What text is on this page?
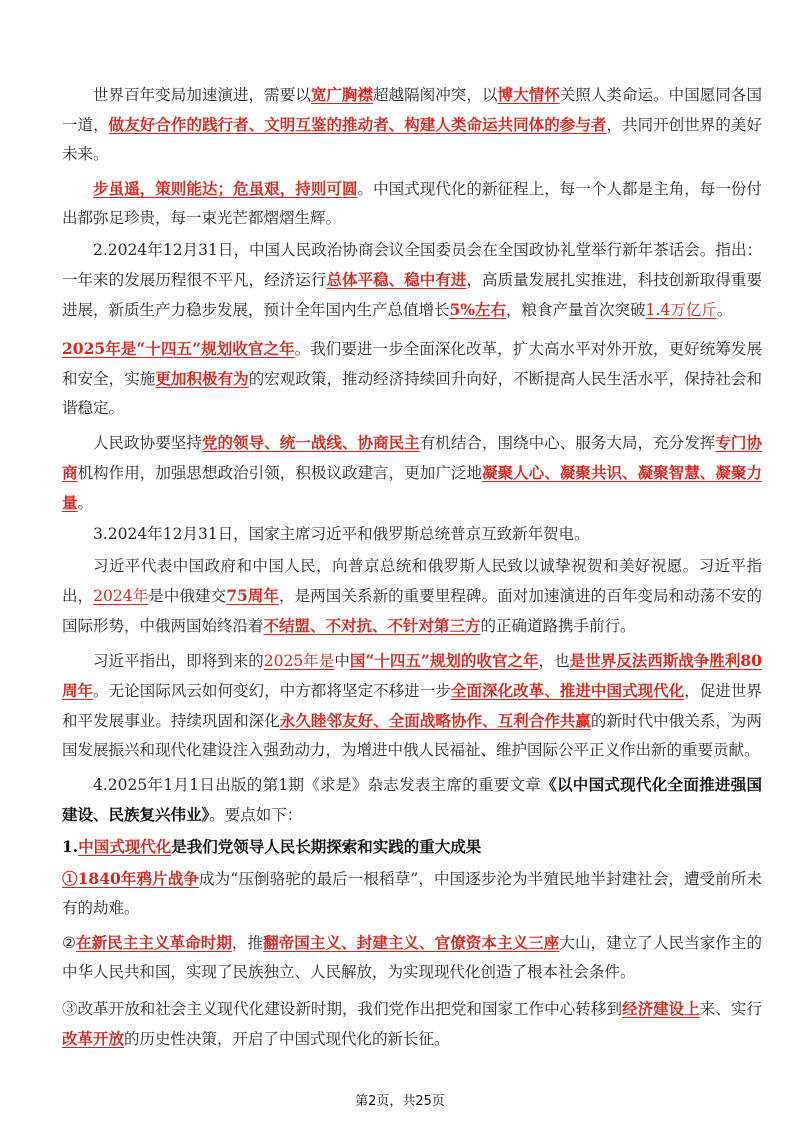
世界百年变局加速演进，需要以宽广胸襟超越隔阂冲突，以博大情怀关照人类命运。中国愿同各国一道，做友好合作的践行者、文明互鉴的推动者、构建人类命运共同体的参与者，共同开创世界的美好未来。

步虽遥，策则能达；危虽艰，持则可圆。中国式现代化的新征程上，每一个人都是主角，每一份付出都弥足珍贵，每一束光芒都熠熠生辉。

2.2024年12月31日，中国人民政治协商会议全国委员会在全国政协礼堂举行新年茶话会。指出：一年来的发展历程很不平凡，经济运行总体平稳、稳中有进，高质量发展扎实推进，科技创新取得重要进展，新质生产力稳步发展，预计全年国内生产总值增长5%左右，粮食产量首次突破1.4万亿斤。

2025年是“十四五”规划收官之年。我们要进一步全面深化改革，扩大高水平对外开放，更好统筹发展和安全，实施更加积极有为的宏观政策，推动经济持续回升向好，不断提高人民生活水平，保持社会和谐稳定。

人民政协要坚持党的领导、统一战线、协商民主有机结合，围绕中心、服务大局，充分发挥专门协商机构作用，加强思想政治引领，积极议政建言，更加广泛地凝聚人心、凝聚共识、凝聚智慧、凝聚力量。

3.2024年12月31日，国家主席习近平和俄罗斯总统普京互致新年贺电。

习近平代表中国政府和中国人民，向普京总统和俄罗斯人民致以诚挚祝贺和美好祝愿。习近平指出，2024年是中俄建交75周年，是两国关系新的重要里程碑。面对加速演进的百年变局和动荡不安的国际形势，中俄两国始终沿着不结盟、不对抗、不针对第三方的正确道路携手前行。

习近平指出，即将到来的2025年是中国“十四五”规划的收官之年，也是世界反法西斯战争胜利80周年。无论国际风云如何变幻，中方都将坚定不移进一步全面深化改革、推进中国式现代化，促进世界和平发展事业。持续巩固和深化永久睦邻友好、全面战略协作、互利合作共赢的新时代中俄关系，为两国发展振兴和现代化建设注入强劲动力，为增进中俄人民福祉、维护国际公平正义作出新的重要贡献。

4.2025年1月1日出版的第1期《求是》杂志发表主席的重要文章《以中国式现代化全面推进强国建设、民族复兴伟业》。要点如下：

1.中国式现代化是我们党领导人民长期探索和实践的重大成果

①1840年鸦片战争成为“压倒骆驼的最后一根稻草”，中国逐步沦为半殖民地半封建社会，遭受前所未有的劫难。

②在新民主主义革命时期，推翻帝国主义、封建主义、官僚资本主义三座大山，建立了人民当家作主的中华人民共和国，实现了民族独立、人民解放，为实现现代化创造了根本社会条件。

③改革开放和社会主义现代化建设新时期，我们党作出把党和国家工作中心转移到经济建设上来、实行改革开放的历史性决策，开启了中国式现代化的新长征。

第2页，共25页
